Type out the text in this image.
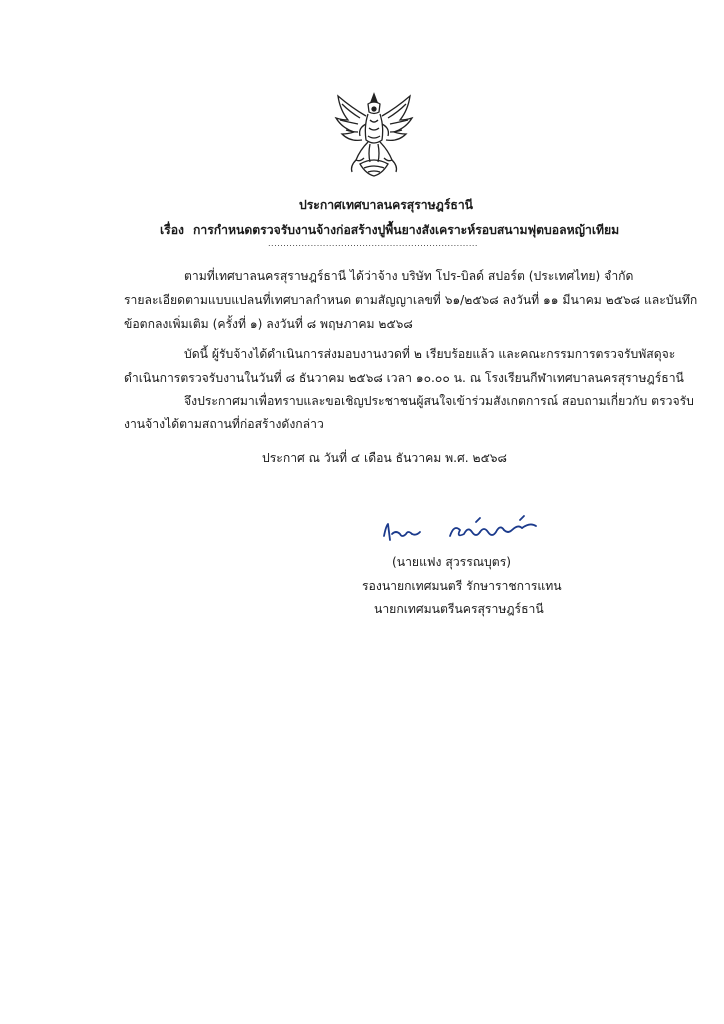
ประกาศเทศบาลนครสุราษฎร์ธานี
เรื่อง การกำหนดตรวจรับงานจ้างก่อสร้างปูพื้นยางสังเคราะห์รอบสนามฟุตบอลหญ้าเทียม
.....................................................................
ตามที่เทศบาลนครสุราษฎร์ธานี ได้ว่าจ้าง บริษัท โปร-บิลด์ สปอร์ต (ประเทศไทย) จำกัด
รายละเอียดตามแบบแปลนที่เทศบาลกำหนด ตามสัญญาเลขที่ ๖๑/๒๕๖๘ ลงวันที่ ๑๑ มีนาคม ๒๕๖๘ และบันทึก
ข้อตกลงเพิ่มเติม (ครั้งที่ ๑) ลงวันที่ ๘ พฤษภาคม ๒๕๖๘
บัดนี้ ผู้รับจ้างได้ดำเนินการส่งมอบงานงวดที่ ๒ เรียบร้อยแล้ว และคณะกรรมการตรวจรับพัสดุจะ
ดำเนินการตรวจรับงานในวันที่ ๘ ธันวาคม ๒๕๖๘ เวลา ๑๐.๐๐ น. ณ โรงเรียนกีฬาเทศบาลนครสุราษฎร์ธานี
จึงประกาศมาเพื่อทราบและขอเชิญประชาชนผู้สนใจเข้าร่วมสังเกตการณ์ สอบถามเกี่ยวกับ ตรวจรับ
งานจ้างได้ตามสถานที่ก่อสร้างดังกล่าว
ประกาศ ณ วันที่ ๔ เดือน ธันวาคม พ.ศ. ๒๕๖๘
(นายแฟง สุวรรณบุตร)
รองนายกเทศมนตรี รักษาราชการแทน
นายกเทศมนตรีนครสุราษฎร์ธานี
